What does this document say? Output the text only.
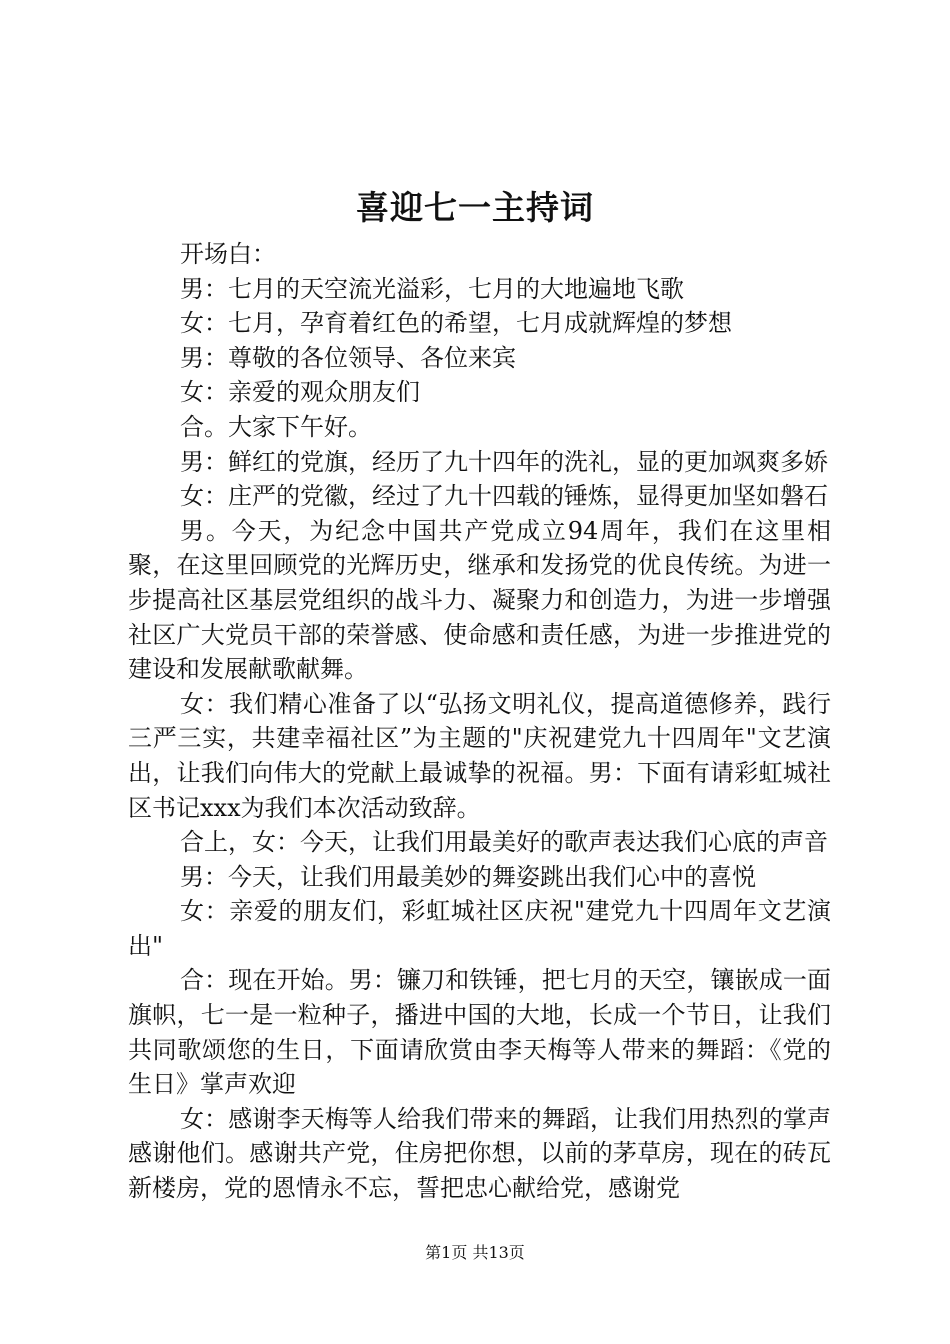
喜迎七一主持词

开场白：

男：七月的天空流光溢彩，七月的大地遍地飞歌

女：七月，孕育着红色的希望，七月成就辉煌的梦想

男：尊敬的各位领导、各位来宾

女：亲爱的观众朋友们

合。大家下午好。

男：鲜红的党旗，经历了九十四年的洗礼，显的更加飒爽多娇

女：庄严的党徽，经过了九十四载的锤炼，显得更加坚如磐石

男。今天，为纪念中国共产党成立94周年，我们在这里相聚，在这里回顾党的光辉历史，继承和发扬党的优良传统。为进一步提高社区基层党组织的战斗力、凝聚力和创造力，为进一步增强社区广大党员干部的荣誉感、使命感和责任感，为进一步推进党的建设和发展献歌献舞。

女：我们精心准备了以“弘扬文明礼仪，提高道德修养，践行三严三实，共建幸福社区”为主题的"庆祝建党九十四周年"文艺演出，让我们向伟大的党献上最诚挚的祝福。男：下面有请彩虹城社区书记xxx为我们本次活动致辞。

合上，女：今天，让我们用最美好的歌声表达我们心底的声音

男：今天，让我们用最美妙的舞姿跳出我们心中的喜悦

女：亲爱的朋友们，彩虹城社区庆祝"建党九十四周年文艺演出"

合：现在开始。男：镰刀和铁锤，把七月的天空，镶嵌成一面旗帜，七一是一粒种子，播进中国的大地，长成一个节日，让我们共同歌颂您的生日，下面请欣赏由李天梅等人带来的舞蹈：《党的生日》掌声欢迎

女：感谢李天梅等人给我们带来的舞蹈，让我们用热烈的掌声感谢他们。感谢共产党，住房把你想，以前的茅草房，现在的砖瓦新楼房，党的恩情永不忘，誓把忠心献给党，感谢党

第1页 共13页
